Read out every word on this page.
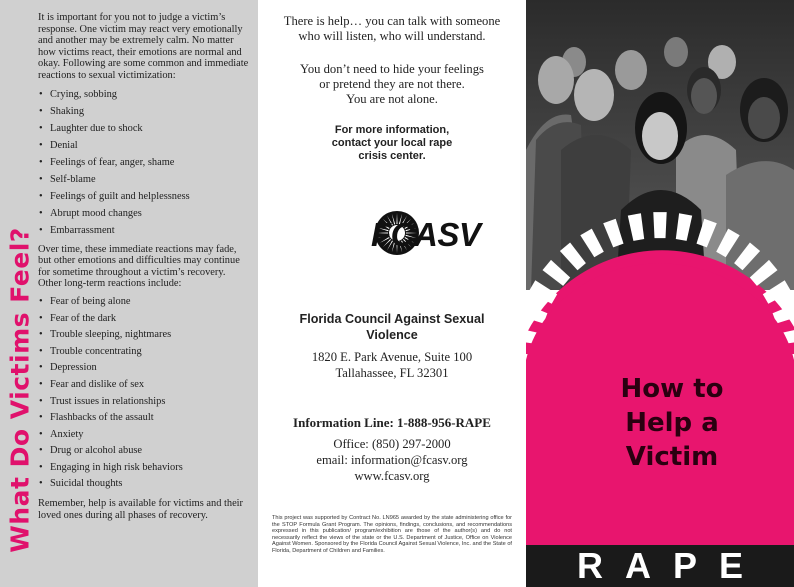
What Do Victims Feel?

It is important for you not to judge a victim’s response. One victim may react very emotionally and another may be extremely calm. No matter how victims react, their emotions are normal and okay. Following are some common and immediate reactions to sexual victimization:

• Crying, sobbing
• Shaking
• Laughter due to shock
• Denial
• Feelings of fear, anger, shame
• Self-blame
• Feelings of guilt and helplessness
• Abrupt mood changes
• Embarrassment

Over time, these immediate reactions may fade, but other emotions and difficulties may continue for sometime throughout a victim’s recovery. Other long-term reactions include:

• Fear of being alone
• Fear of the dark
• Trouble sleeping, nightmares
• Trouble concentrating
• Depression
• Fear and dislike of sex
• Trust issues in relationships
• Flashbacks of the assault
• Anxiety
• Drug or alcohol abuse
• Engaging in high risk behaviors
• Suicidal thoughts

Remember, help is available for victims and their loved ones during all phases of recovery.

There is help… you can talk with someone who will listen, who will understand.
You don’t need to hide your feelings or pretend they are not there.
You are not alone.
For more information, contact your local rape crisis center.
FCASV
Florida Council Against Sexual Violence
1820 E. Park Avenue, Suite 100
Tallahassee, FL 32301
Information Line: 1-888-956-RAPE
Office: (850) 297-2000
email: information@fcasv.org
www.fcasv.org
This project was supported by Contract No. LN965 awarded by the state administering office for the STOP Formula Grant Program. The opinions, findings, conclusions, and recommendations expressed in this publication/ program/exhibition are those of the author(s) and do not necessarily reflect the views of the state or the U.S. Department of Justice, Office on Violence Against Women. Sponsored by the Florida Council Against Sexual Violence, Inc. and the State of Florida, Department of Children and Families.
How to
Help a
Victim
RAPE
